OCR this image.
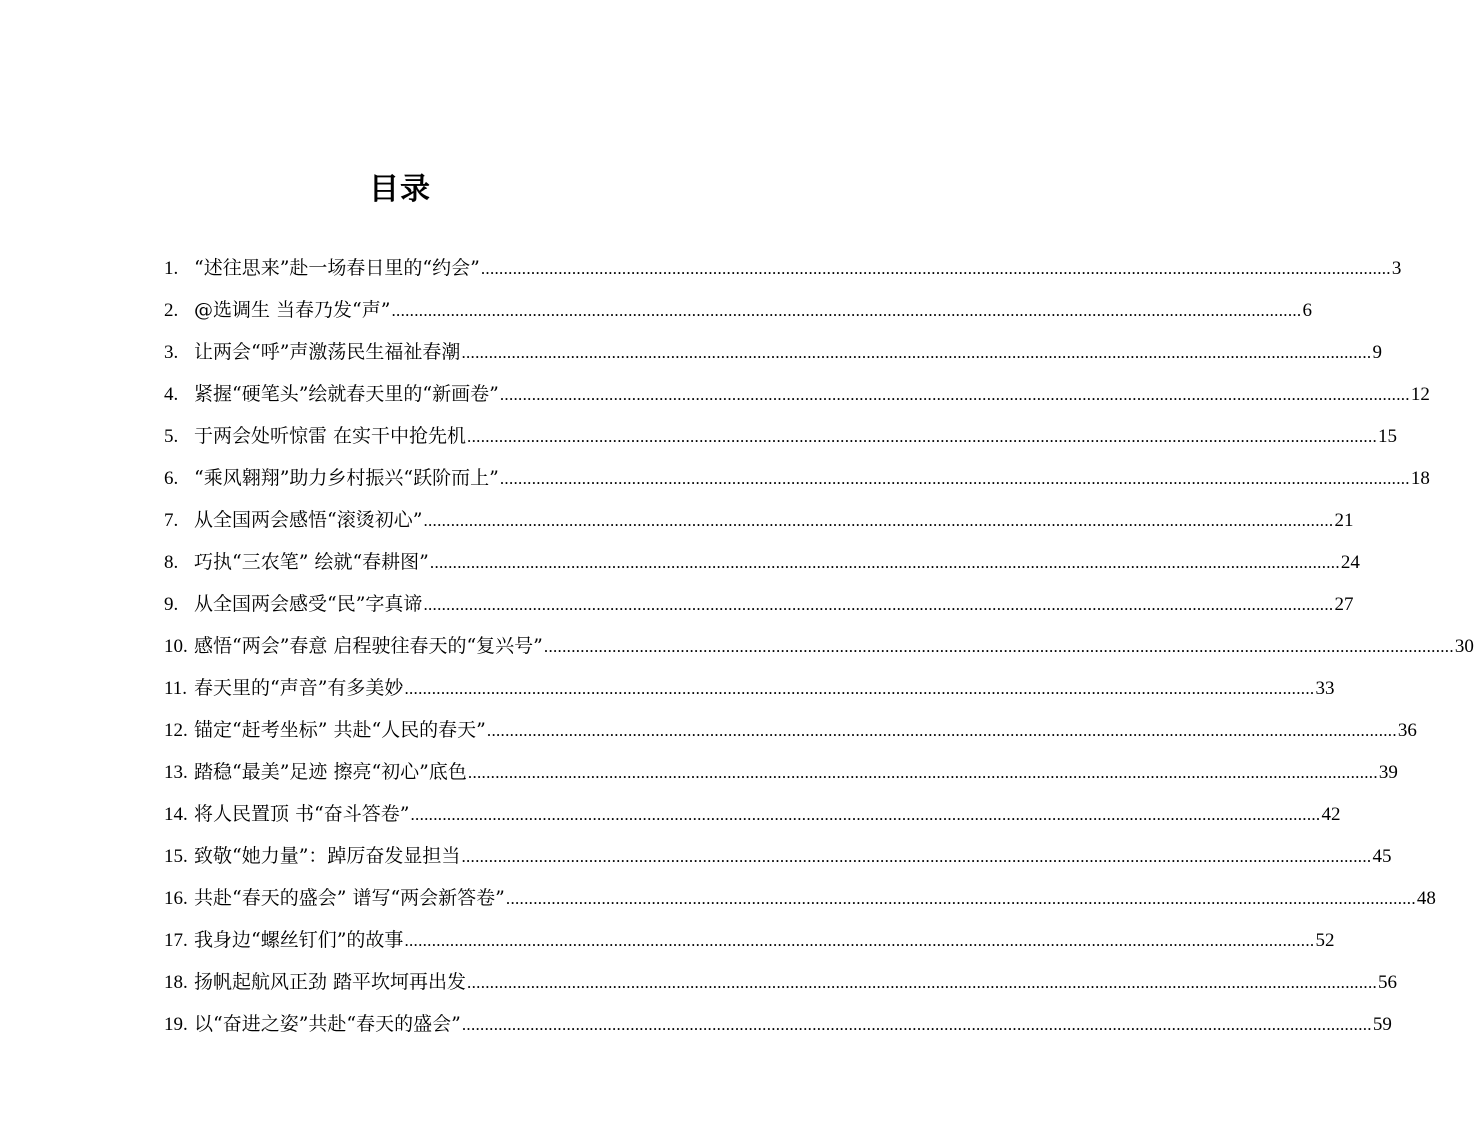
目录
1. “述往思来”赴一场春日里的“约会” ........................................................................................................................................................................................................ 3
2. @选调生 当春乃发“声” ........................................................................................................................................................................................................ 6
3. 让两会“呼”声激荡民生福祉春潮 ........................................................................................................................................................................................................ 9
4. 紧握“硬笔头”绘就春天里的“新画卷” ........................................................................................................................................................................................................ 12
5. 于两会处听惊雷 在实干中抢先机 ........................................................................................................................................................................................................ 15
6. “乘风翱翔”助力乡村振兴“跃阶而上” ........................................................................................................................................................................................................ 18
7. 从全国两会感悟“滚烫初心” ........................................................................................................................................................................................................ 21
8. 巧执“三农笔” 绘就“春耕图” ........................................................................................................................................................................................................ 24
9. 从全国两会感受“民”字真谛 ........................................................................................................................................................................................................ 27
10. 感悟“两会”春意 启程驶往春天的“复兴号” ........................................................................................................................................................................................................ 30
11. 春天里的“声音”有多美妙 ........................................................................................................................................................................................................ 33
12. 锚定“赶考坐标” 共赴“人民的春天” ........................................................................................................................................................................................................ 36
13. 踏稳“最美”足迹 擦亮“初心”底色 ........................................................................................................................................................................................................ 39
14. 将人民置顶 书“奋斗答卷” ........................................................................................................................................................................................................ 42
15. 致敬“她力量”：踔厉奋发显担当 ........................................................................................................................................................................................................ 45
16. 共赴“春天的盛会” 谱写“两会新答卷” ........................................................................................................................................................................................................ 48
17. 我身边“螺丝钉们”的故事 ........................................................................................................................................................................................................ 52
18. 扬帆起航风正劲 踏平坎坷再出发 ........................................................................................................................................................................................................ 56
19. 以“奋进之姿”共赴“春天的盛会” ........................................................................................................................................................................................................ 59
